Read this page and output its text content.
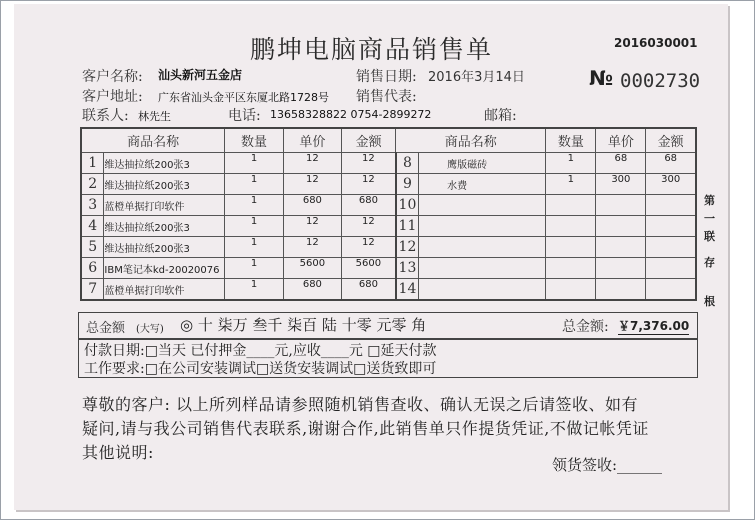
鹏坤电脑商品销售单	2016030001
№ 0002730
客户名称: 汕头新河五金店	销售日期: 2016年3月14日
客户地址: 广东省汕头金平区东厦北路1728号 销售代表:
联系人: 林先生	电话: 13658328822 0754-2899272	邮箱:
商品名称		数量	单价	金额	商品名称		数量	单价	金额
1	维达抽拉纸200张3	1	12	12	8	鹰版磁砖	1	68	68
2	维达抽拉纸200张3	1	12	12	9	水费	1	300	300
3	蓝橙单据打印软件	1	680	680	10				
4	维达抽拉纸200张3	1	12	12	11				
5	维达抽拉纸200张3	1	12	12	12				
6	IBM笔记本kd-20020076	1	5600	5600	13				
7	蓝橙单据打印软件	1	680	680	14				
总金额 (大写) ◎ 十 柒万 叁千 柒百 陆 十零 元零 角	总金额: ￥7,376.00
付款日期:□当天 已付押金____元,应收____元 □延天付款
工作要求:□在公司安装调试□送货安装调试□送货致即可
尊敬的客户: 以上所列样品请参照随机销售查收、确认无误之后请签收、如有
疑问,请与我公司销售代表联系,谢谢合作,此销售单只作提货凭证,不做记帐凭证
其他说明:
领货签收:______
第
一
联
存
根
